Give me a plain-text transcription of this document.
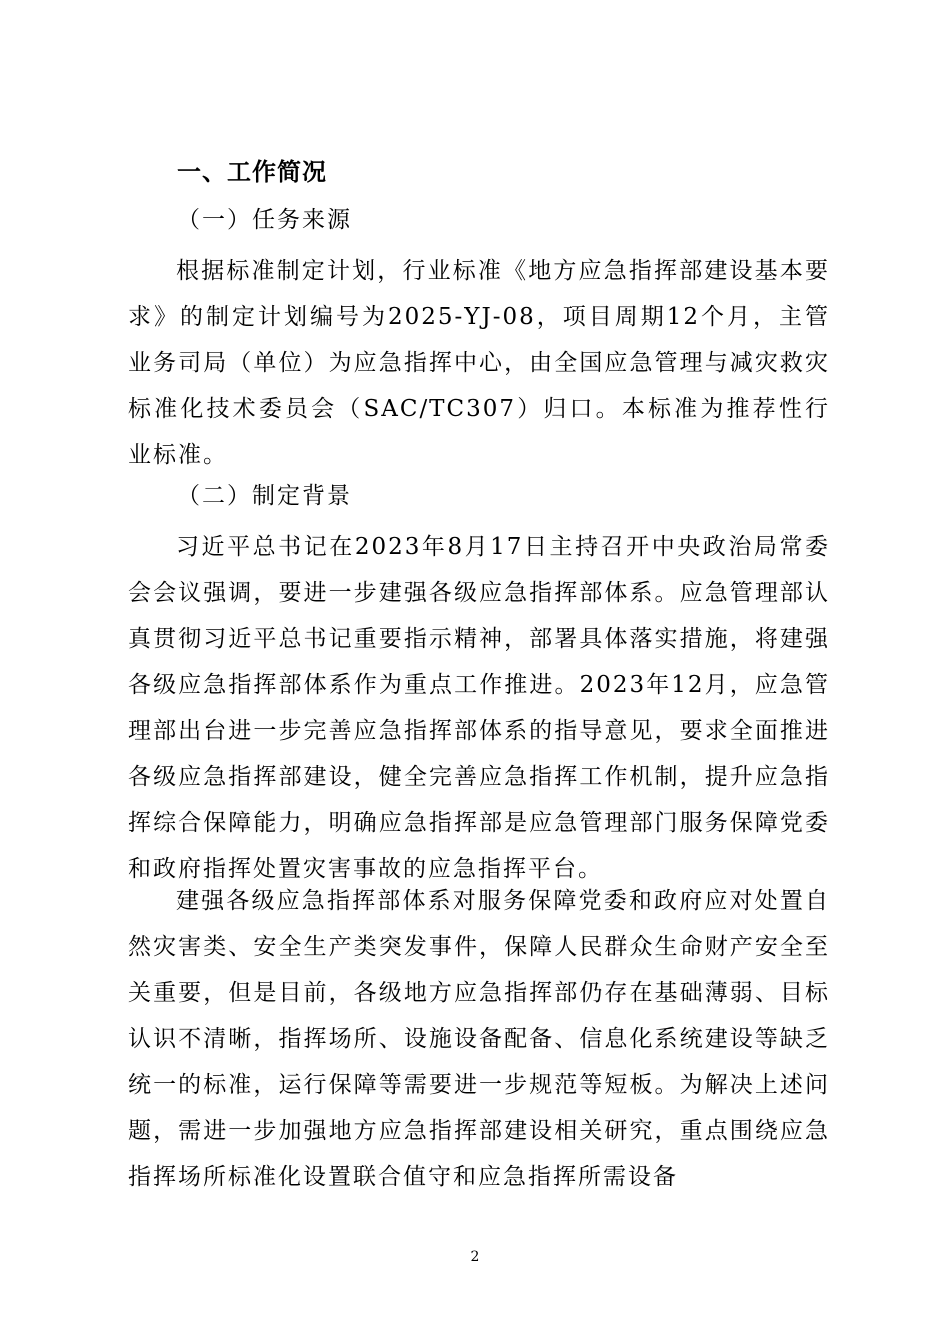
一、工作简况
（一）任务来源

根据标准制定计划，行业标准《地方应急指挥部建设基本要求》的制定计划编号为2025-YJ-08，项目周期12个月，主管业务司局（单位）为应急指挥中心，由全国应急管理与减灾救灾标准化技术委员会（SAC/TC307）归口。本标准为推荐性行业标准。

（二）制定背景

习近平总书记在2023年8月17日主持召开中央政治局常委会会议强调，要进一步建强各级应急指挥部体系。应急管理部认真贯彻习近平总书记重要指示精神，部署具体落实措施，将建强各级应急指挥部体系作为重点工作推进。2023年12月，应急管理部出台进一步完善应急指挥部体系的指导意见，要求全面推进各级应急指挥部建设，健全完善应急指挥工作机制，提升应急指挥综合保障能力，明确应急指挥部是应急管理部门服务保障党委和政府指挥处置灾害事故的应急指挥平台。

建强各级应急指挥部体系对服务保障党委和政府应对处置自然灾害类、安全生产类突发事件，保障人民群众生命财产安全至关重要，但是目前，各级地方应急指挥部仍存在基础薄弱、目标认识不清晰，指挥场所、设施设备配备、信息化系统建设等缺乏统一的标准，运行保障等需要进一步规范等短板。为解决上述问题，需进一步加强地方应急指挥部建设相关研究，重点围绕应急指挥场所标准化设置联合值守和应急指挥所需设备

2
